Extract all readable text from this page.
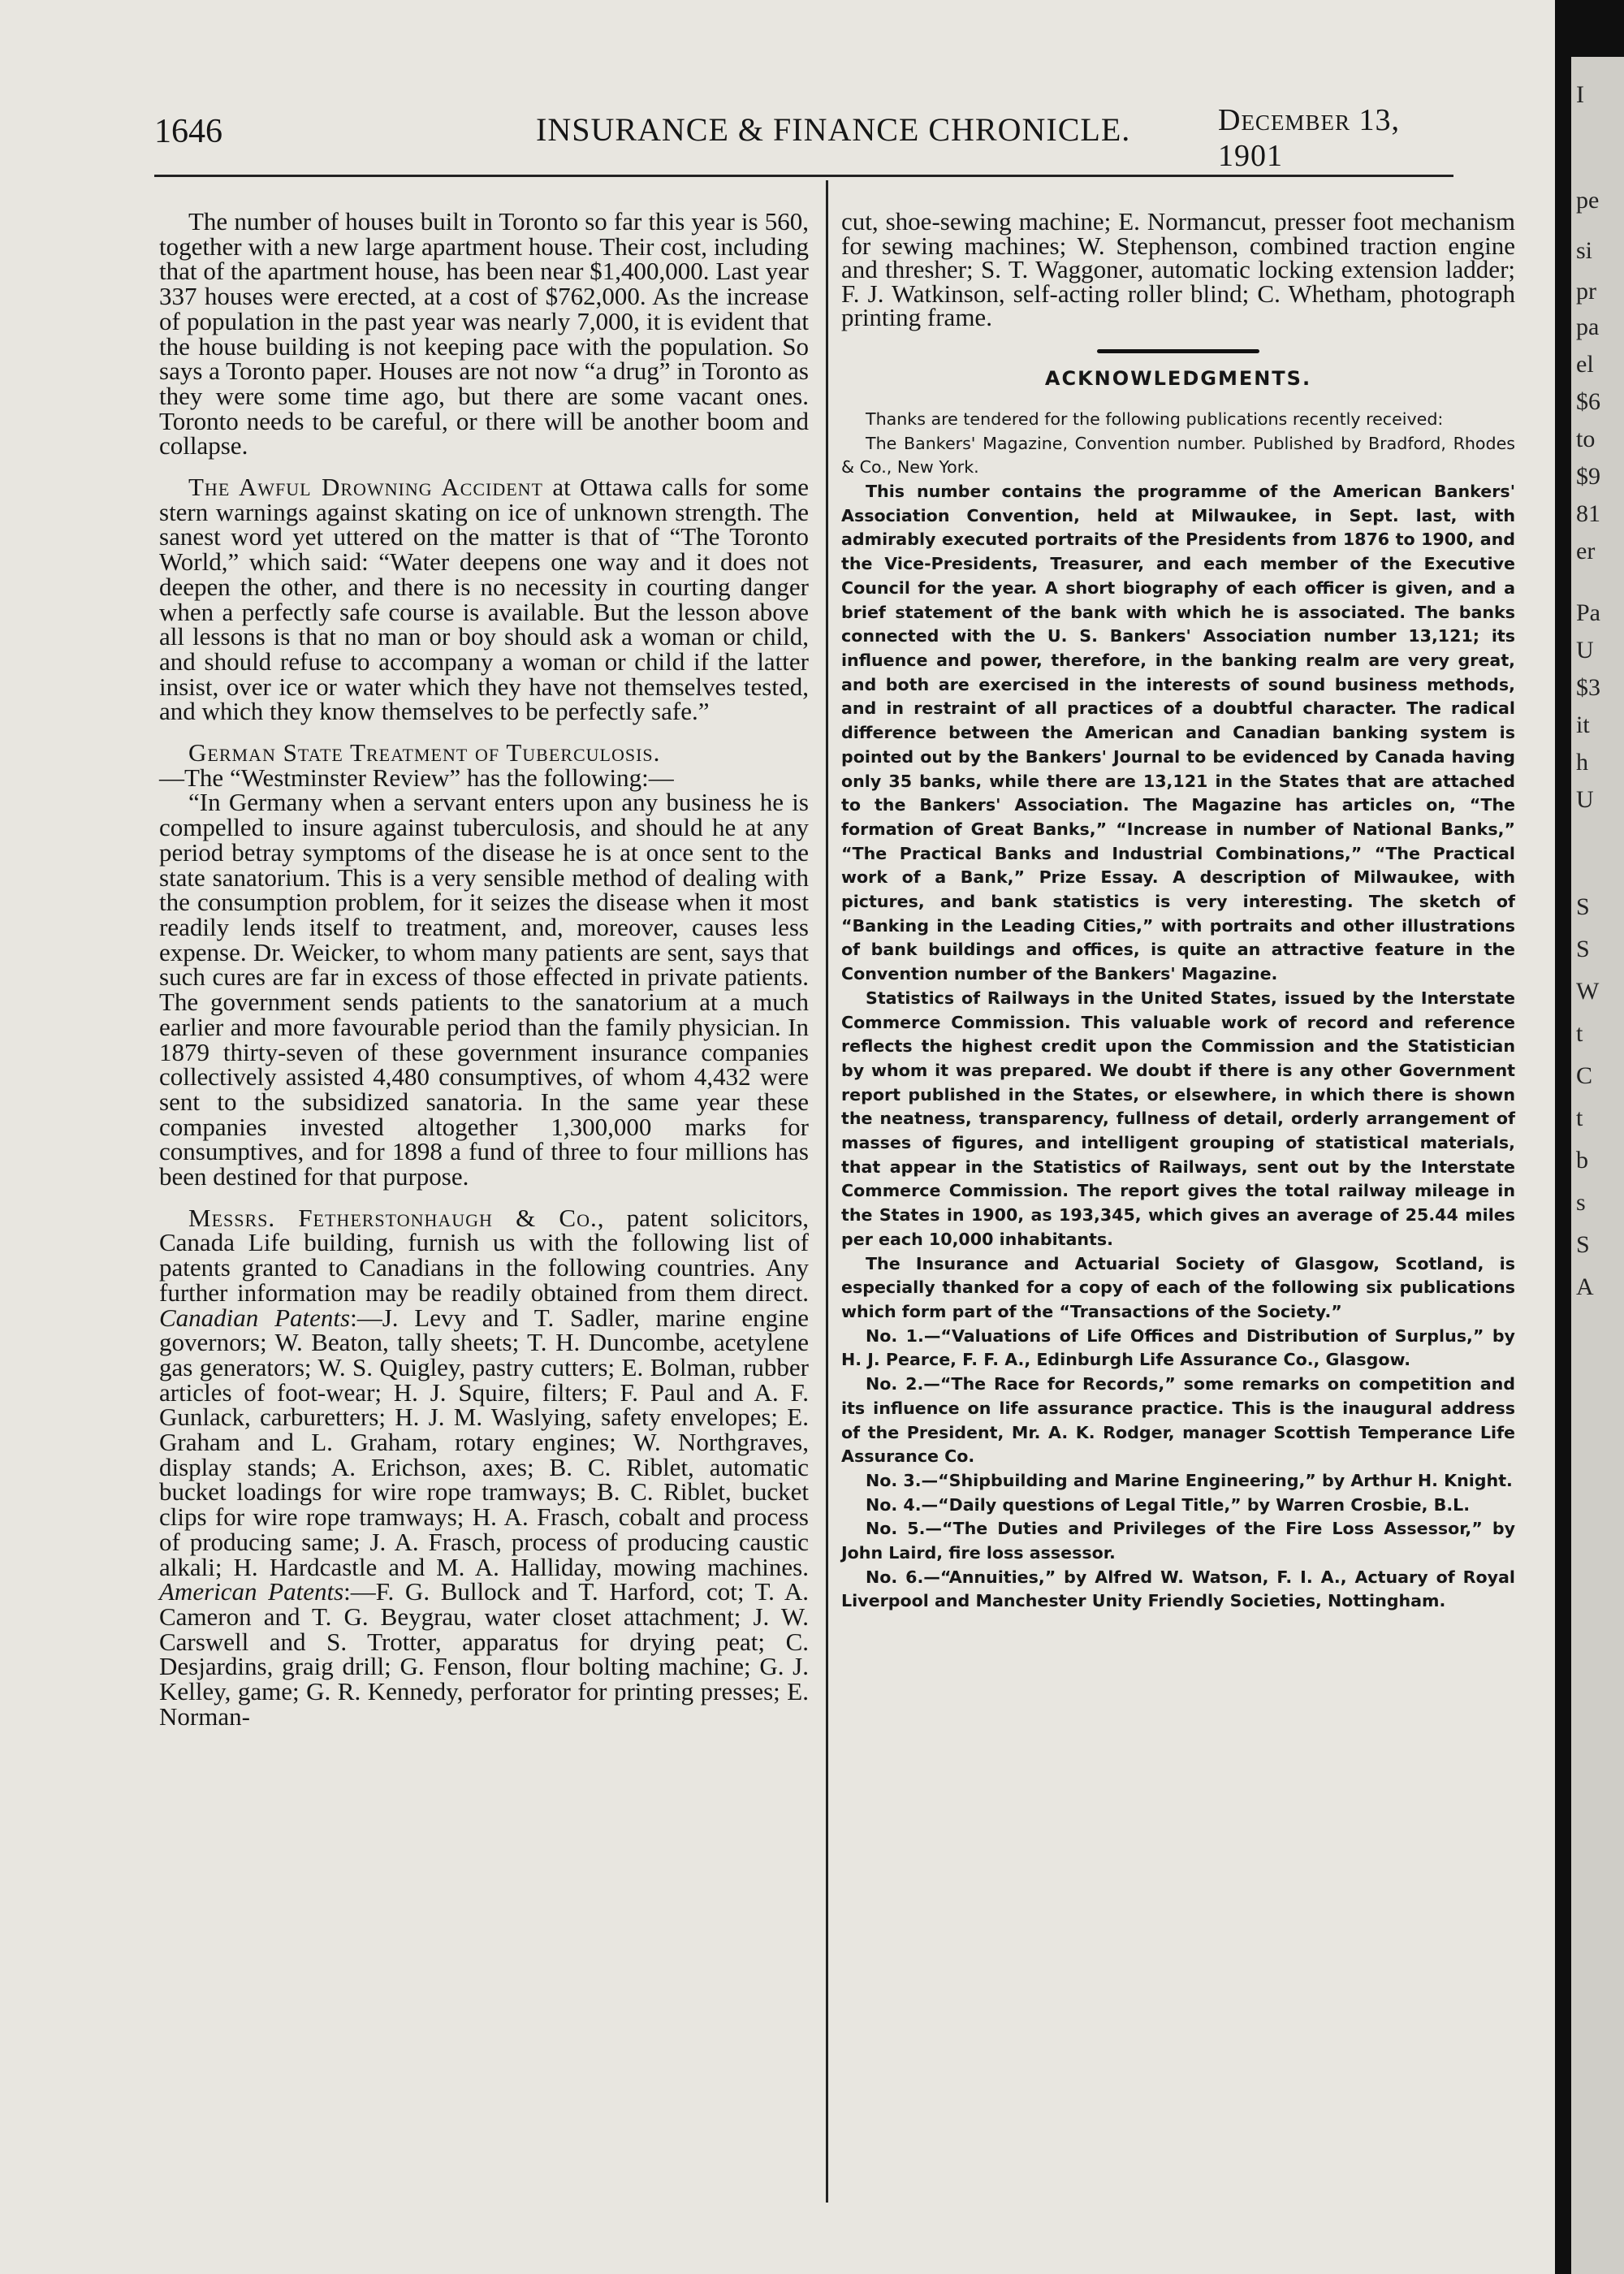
1646	INSURANCE & FINANCE CHRONICLE.	December 13, 1901

The number of houses built in Toronto so far this year is 560, together with a new large apartment house. Their cost, including that of the apartment house, has been near $1,400,000. Last year 337 houses were erected, at a cost of $762,000. As the increase of population in the past year was nearly 7,000, it is evident that the house building is not keeping pace with the population. So says a Toronto paper. Houses are not now “a drug” in Toronto as they were some time ago, but there are some vacant ones. Toronto needs to be careful, or there will be another boom and collapse.

The Awful Drowning Accident at Ottawa calls for some stern warnings against skating on ice of unknown strength. The sanest word yet uttered on the matter is that of “The Toronto World,” which said: “Water deepens one way and it does not deepen the other, and there is no necessity in courting danger when a perfectly safe course is available. But the lesson above all lessons is that no man or boy should ask a woman or child, and should refuse to accompany a woman or child if the latter insist, over ice or water which they have not themselves tested, and which they know themselves to be perfectly safe.”

German State Treatment of Tuberculosis.

—The “Westminster Review” has the following:—

“In Germany when a servant enters upon any business he is compelled to insure against tuberculosis, and should he at any period betray symptoms of the disease he is at once sent to the state sanatorium. This is a very sensible method of dealing with the consumption problem, for it seizes the disease when it most readily lends itself to treatment, and, moreover, causes less expense. Dr. Weicker, to whom many patients are sent, says that such cures are far in excess of those effected in private patients. The government sends patients to the sanatorium at a much earlier and more favourable period than the family physician. In 1879 thirty-seven of these government insurance companies collectively assisted 4,480 consumptives, of whom 4,432 were sent to the subsidized sanatoria. In the same year these companies invested altogether 1,300,000 marks for consumptives, and for 1898 a fund of three to four millions has been destined for that purpose.

Messrs. Fetherstonhaugh & Co., patent solicitors, Canada Life building, furnish us with the following list of patents granted to Canadians in the following countries. Any further information may be readily obtained from them direct. Canadian Patents:—J. Levy and T. Sadler, marine engine governors; W. Beaton, tally sheets; T. H. Duncombe, acetylene gas generators; W. S. Quigley, pastry cutters; E. Bolman, rubber articles of foot-wear; H. J. Squire, filters; F. Paul and A. F. Gunlack, carburetters; H. J. M. Waslying, safety envelopes; E. Graham and L. Graham, rotary engines; W. Northgraves, display stands; A. Erichson, axes; B. C. Riblet, automatic bucket loadings for wire rope tramways; B. C. Riblet, bucket clips for wire rope tramways; H. A. Frasch, cobalt and process of producing same; J. A. Frasch, process of producing caustic alkali; H. Hardcastle and M. A. Halliday, mowing machines. American Patents:—F. G. Bullock and T. Harford, cot; T. A. Cameron and T. G. Beygrau, water closet attachment; J. W. Carswell and S. Trotter, apparatus for drying peat; C. Desjardins, graig drill; G. Fenson, flour bolting machine; G. J. Kelley, game; G. R. Kennedy, perforator for printing presses; E. Norman-

cut, shoe-sewing machine; E. Normancut, presser foot mechanism for sewing machines; W. Stephenson, combined traction engine and thresher; S. T. Waggoner, automatic locking extension ladder; F. J. Watkinson, self-acting roller blind; C. Whetham, photograph printing frame.

ACKNOWLEDGMENTS.

Thanks are tendered for the following publications recently received:

The Bankers' Magazine, Convention number. Published by Bradford, Rhodes & Co., New York.

This number contains the programme of the American Bankers' Association Convention, held at Milwaukee, in Sept. last, with admirably executed portraits of the Presidents from 1876 to 1900, and the Vice-Presidents, Treasurer, and each member of the Executive Council for the year. A short biography of each officer is given, and a brief statement of the bank with which he is associated. The banks connected with the U. S. Bankers' Association number 13,121; its influence and power, therefore, in the banking realm are very great, and both are exercised in the interests of sound business methods, and in restraint of all practices of a doubtful character. The radical difference between the American and Canadian banking system is pointed out by the Bankers' Journal to be evidenced by Canada having only 35 banks, while there are 13,121 in the States that are attached to the Bankers' Association. The Magazine has articles on, “The formation of Great Banks,” “Increase in number of National Banks,” “The Practical Banks and Industrial Combinations,” “The Practical work of a Bank,” Prize Essay. A description of Milwaukee, with pictures, and bank statistics is very interesting. The sketch of “Banking in the Leading Cities,” with portraits and other illustrations of bank buildings and offices, is quite an attractive feature in the Convention number of the Bankers' Magazine.

Statistics of Railways in the United States, issued by the Interstate Commerce Commission. This valuable work of record and reference reflects the highest credit upon the Commission and the Statistician by whom it was prepared. We doubt if there is any other Government report published in the States, or elsewhere, in which there is shown the neatness, transparency, fullness of detail, orderly arrangement of masses of figures, and intelligent grouping of statistical materials, that appear in the Statistics of Railways, sent out by the Interstate Commerce Commission. The report gives the total railway mileage in the States in 1900, as 193,345, which gives an average of 25.44 miles per each 10,000 inhabitants.

The Insurance and Actuarial Society of Glasgow, Scotland, is especially thanked for a copy of each of the following six publications which form part of the “Transactions of the Society.”

No. 1.—“Valuations of Life Offices and Distribution of Surplus,” by H. J. Pearce, F. F. A., Edinburgh Life Assurance Co., Glasgow.

No. 2.—“The Race for Records,” some remarks on competition and its influence on life assurance practice. This is the inaugural address of the President, Mr. A. K. Rodger, manager Scottish Temperance Life Assurance Co.

No. 3.—“Shipbuilding and Marine Engineering,” by Arthur H. Knight.

No. 4.—“Daily questions of Legal Title,” by Warren Crosbie, B.L.

No. 5.—“The Duties and Privileges of the Fire Loss Assessor,” by John Laird, fire loss assessor.

No. 6.—“Annuities,” by Alfred W. Watson, F. I. A., Actuary of Royal Liverpool and Manchester Unity Friendly Societies, Nottingham.

I
pe
si
pr
pa
el
$6
to
$9
81
er
Pa
U
$3
it
h
U
S
S
W
t
C
t
b
s
S
A
